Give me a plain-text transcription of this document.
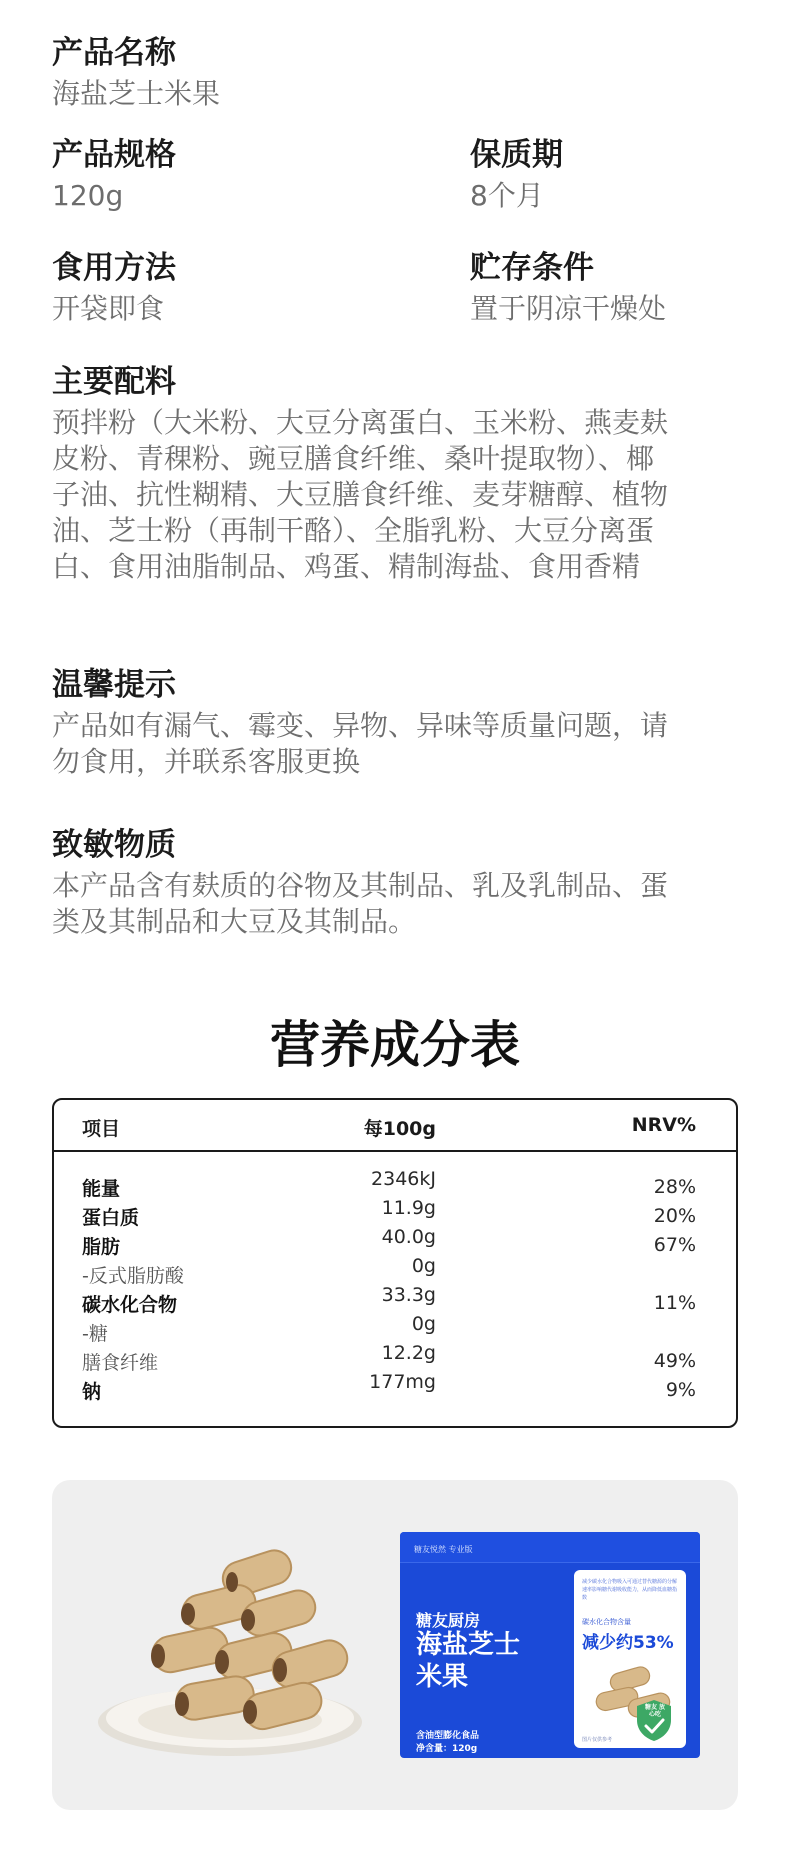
产品名称
海盐芝士米果
产品规格
120g
保质期
8个月
食用方法
开袋即食
贮存条件
置于阴凉干燥处
主要配料
预拌粉（大米粉、大豆分离蛋白、玉米粉、燕麦麸
皮粉、青稞粉、豌豆膳食纤维、桑叶提取物）、椰
子油、抗性糊精、大豆膳食纤维、麦芽糖醇、植物
油、芝士粉（再制干酪）、全脂乳粉、大豆分离蛋
白、食用油脂制品、鸡蛋、精制海盐、食用香精
温馨提示
产品如有漏气、霉变、异物、异味等质量问题，请
勿食用，并联系客服更换
致敏物质
本产品含有麸质的谷物及其制品、乳及乳制品、蛋
类及其制品和大豆及其制品。
营养成分表
项目	每100g	NRV%
能量	2346kJ	28%
蛋白质	11.9g	20%
脂肪	40.0g	67%
-反式脂肪酸	0g
碳水化合物	33.3g	11%
-糖	0g
膳食纤维	12.2g	49%
钠	177mg	9%
糖友悦然 专业版
糖友厨房
海盐芝士
米果
含油型膨化食品
净含量：120g
减少碳水化合物吸入可通过替代糖源的分解速率影响糖代谢吸收能力，从而降低血糖指数
碳水化合物含量
减少约53%
糖友 放心吃
图片仅供参考
